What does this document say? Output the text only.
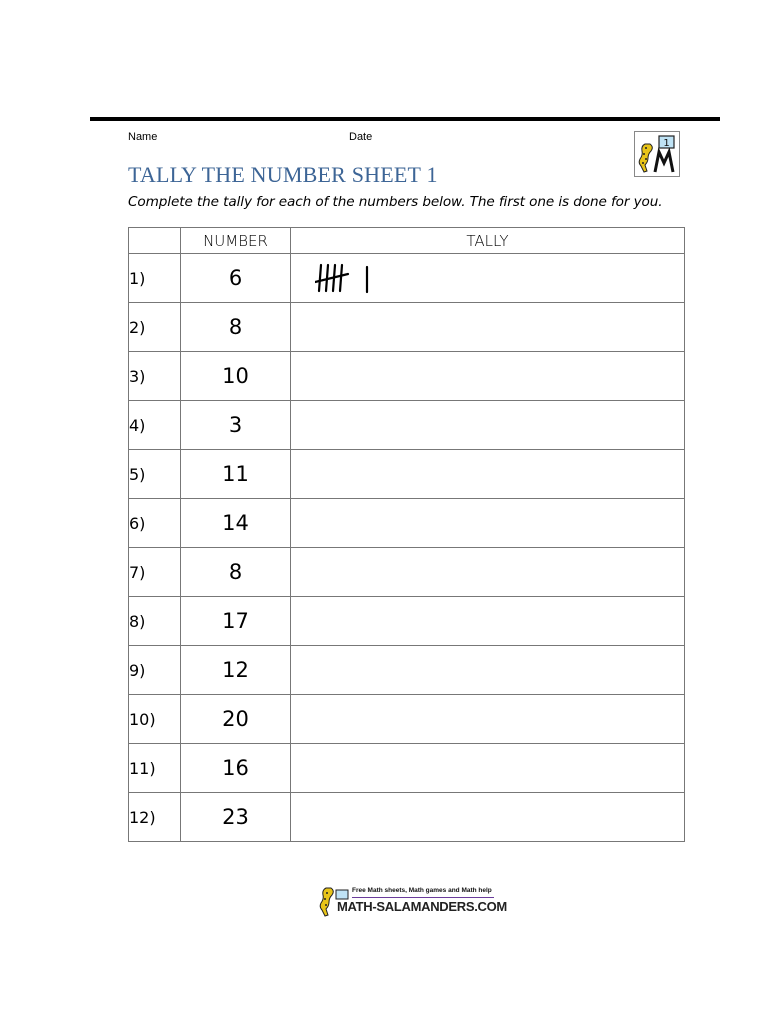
Name	Date
1
TALLY THE NUMBER SHEET 1
Complete the tally for each of the numbers below. The first one is done for you.
	NUMBER	TALLY
1)	6	

2)	8	
3)	10	
4)	3	
5)	11	
6)	14	
7)	8	
8)	17	
9)	12	
10)	20	
11)	16	
12)	23	
Free Math sheets, Math games and Math help
MATH-SALAMANDERS.COM
